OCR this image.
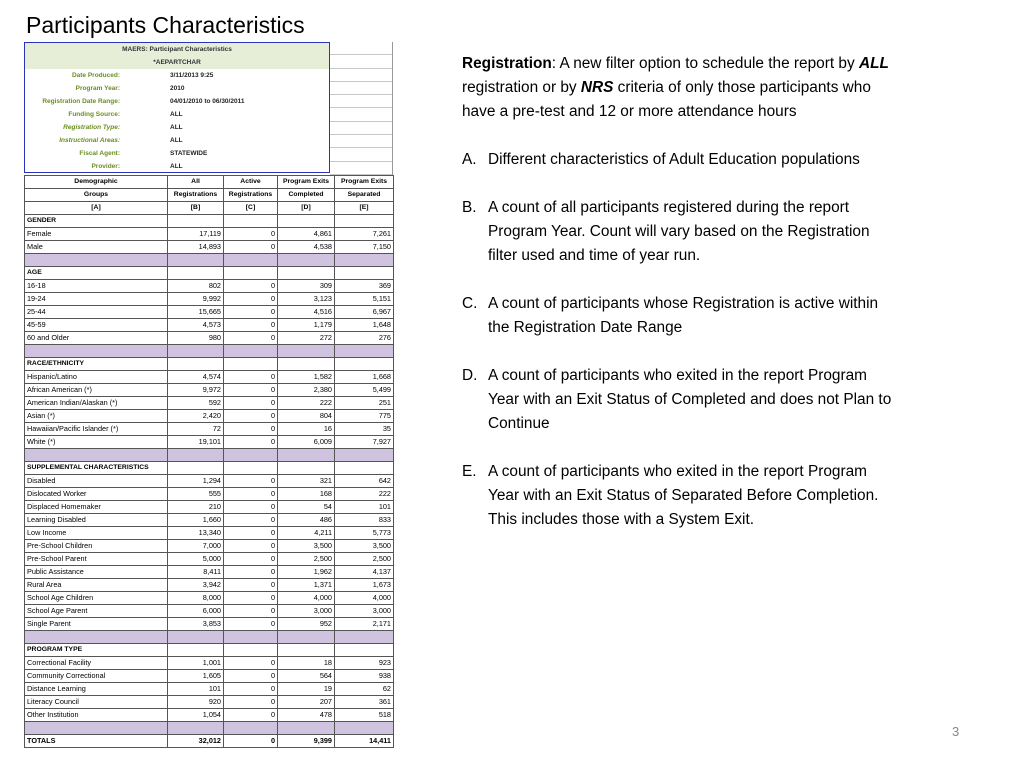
Participants Characteristics
MAERS: Participant Characteristics
*AEPARTCHAR
Date Produced:	3/11/2013 9:25
Program Year:	2010
Registration Date Range:	04/01/2010 to 06/30/2011
Funding Source:	ALL
Registration Type:	ALL
Instructional Areas:	ALL
Fiscal Agent:	STATEWIDE
Provider:	ALL
Demographic	All	Active	Program Exits	Program Exits
Groups	Registrations	Registrations	Completed	Separated
[A]	[B]	[C]	[D]	[E]
GENDER				
Female	17,119	0	4,861	7,261
Male	14,893	0	4,538	7,150

AGE				
16-18	802	0	309	369
19-24	9,992	0	3,123	5,151
25-44	15,665	0	4,516	6,967
45-59	4,573	0	1,179	1,648
60 and Older	980	0	272	276

RACE/ETHNICITY				
Hispanic/Latino	4,574	0	1,582	1,668
African American (*)	9,972	0	2,380	5,499
American Indian/Alaskan (*)	592	0	222	251
Asian (*)	2,420	0	804	775
Hawaiian/Pacific Islander (*)	72	0	16	35
White (*)	19,101	0	6,009	7,927

SUPPLEMENTAL CHARACTERISTICS				
Disabled	1,294	0	321	642
Dislocated Worker	555	0	168	222
Displaced Homemaker	210	0	54	101
Learning Disabled	1,660	0	486	833
Low Income	13,340	0	4,211	5,773
Pre-School Children	7,000	0	3,500	3,500
Pre-School Parent	5,000	0	2,500	2,500
Public Assistance	8,411	0	1,962	4,137
Rural Area	3,942	0	1,371	1,673
School Age Children	8,000	0	4,000	4,000
School Age Parent	6,000	0	3,000	3,000
Single Parent	3,853	0	952	2,171

PROGRAM TYPE				
Correctional Facility	1,001	0	18	923
Community Correctional	1,605	0	564	938
Distance Learning	101	0	19	62
Literacy Council	920	0	207	361
Other Institution	1,054	0	478	518

TOTALS	32,012	0	9,399	14,411

Registration: A new filter option to schedule the report by ALL registration or by NRS criteria of only those participants who have a pre-test and 12 or more attendance hours

A. Different characteristics of Adult Education populations
B. A count of all participants registered during the report Program Year. Count will vary based on the Registration filter used and time of year run.
C. A count of participants whose Registration is active within the Registration Date Range
D. A count of participants who exited in the report Program Year with an Exit Status of Completed and does not Plan to Continue
E. A count of participants who exited in the report Program Year with an Exit Status of Separated Before Completion. This includes those with a System Exit.
3
